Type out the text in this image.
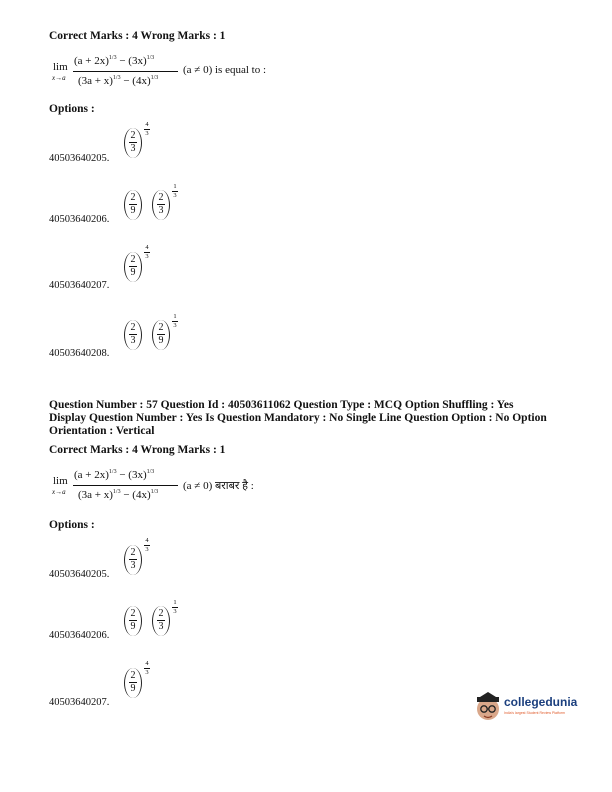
Correct Marks : 4 Wrong Marks : 1
lim
x→a
$(a + 2x)^{1/3} - (3x)^{1/3}$
$(3a + x)^{1/3} - (4x)^{1/3}$
(a ≠ 0) is equal to :
Options :
2
3
4
3
40503640205.
2
9
2
3
1
3
40503640206.
2
9
4
3
40503640207.
2
3
2
9
1
3
40503640208.
Question Number : 57 Question Id : 40503611062 Question Type : MCQ Option Shuffling : Yes
Display Question Number : Yes Is Question Mandatory : No Single Line Question Option : No Option
Orientation : Vertical
Correct Marks : 4 Wrong Marks : 1
lim
x→a
$(a + 2x)^{1/3} - (3x)^{1/3}$
$(3a + x)^{1/3} - (4x)^{1/3}$ (a ≠ 0) बराबर है :
Options :
2
3
4
3
40503640205.
2
9
2
3
1
3
40503640206.
2
9
4
3
40503640207.	collegedunia
India's largest Student Review Platform
